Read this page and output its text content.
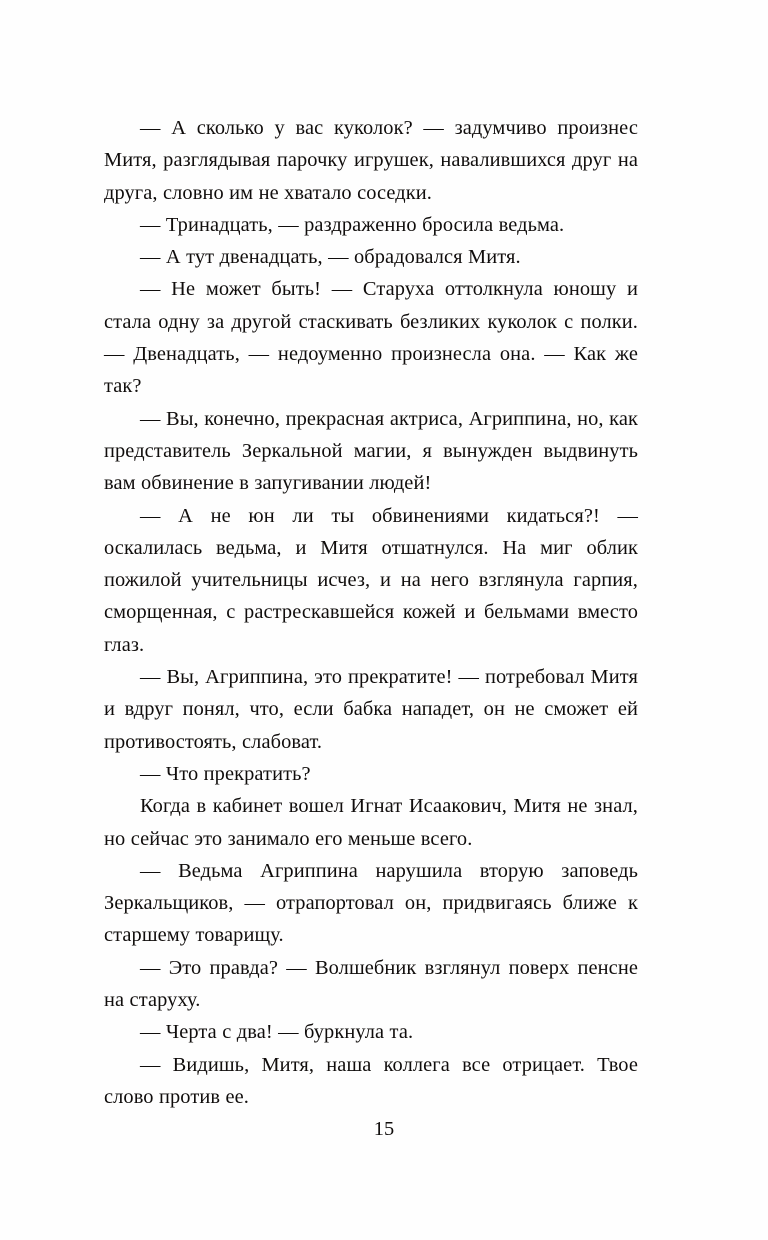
— А сколько у вас куколок? — задумчиво произнес Митя, разглядывая парочку игрушек, навалившихся друг на друга, словно им не хватало соседки.

— Тринадцать, — раздраженно бросила ведьма.

— А тут двенадцать, — обрадовался Митя.

— Не может быть! — Старуха оттолкнула юношу и стала одну за другой стаскивать безликих куколок с полки. — Двенадцать, — недоуменно произнесла она. — Как же так?

— Вы, конечно, прекрасная актриса, Агриппина, но, как представитель Зеркальной магии, я вынужден выдвинуть вам обвинение в запугивании людей!

— А не юн ли ты обвинениями кидаться?! — оскалилась ведьма, и Митя отшатнулся. На миг облик пожилой учительницы исчез, и на него взглянула гарпия, сморщенная, с растрескавшейся кожей и бельмами вместо глаз.

— Вы, Агриппина, это прекратите! — потребовал Митя и вдруг понял, что, если бабка нападет, он не сможет ей противостоять, слабоват.

— Что прекратить?

Когда в кабинет вошел Игнат Исаакович, Митя не знал, но сейчас это занимало его меньше всего.

— Ведьма Агриппина нарушила вторую заповедь Зеркальщиков, — отрапортовал он, придвигаясь ближе к старшему товарищу.

— Это правда? — Волшебник взглянул поверх пенсне на старуху.

— Черта с два! — буркнула та.

— Видишь, Митя, наша коллега все отрицает. Твое слово против ее.

15
